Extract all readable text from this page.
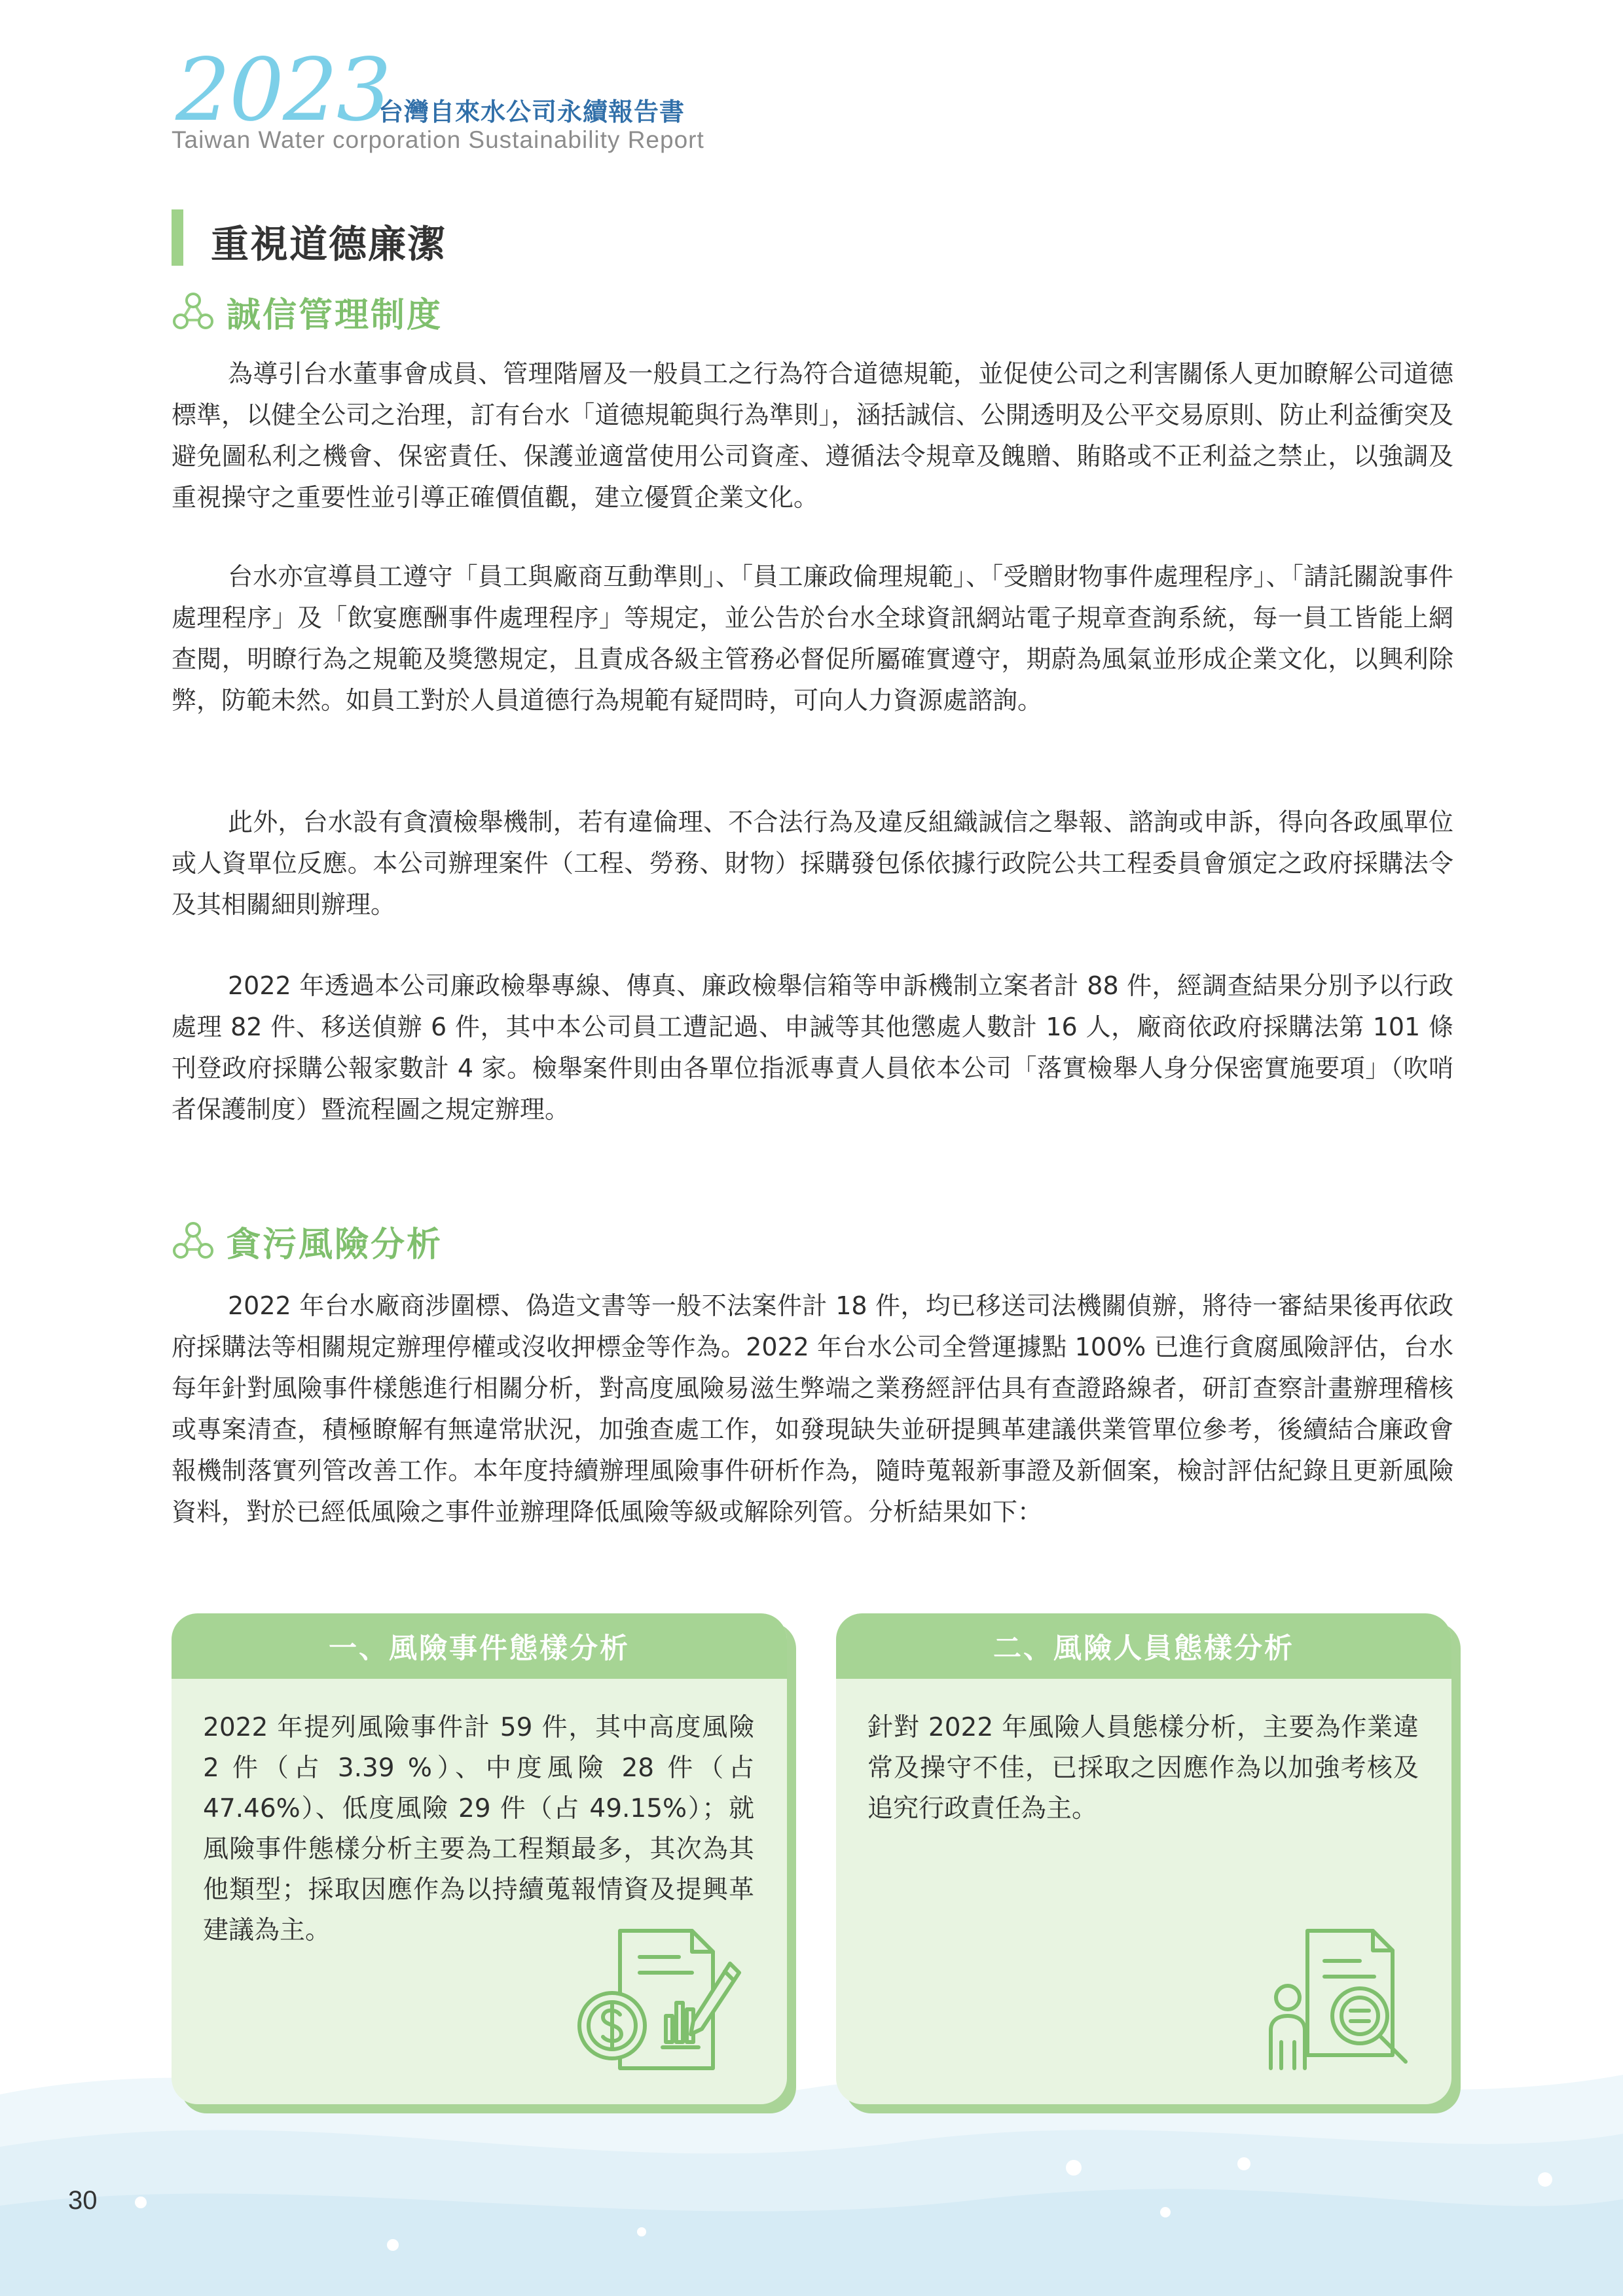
2023
台灣自來水公司永續報告書
Taiwan Water corporation Sustainability Report
重視道德廉潔
誠信管理制度

為導引台水董事會成員、管理階層及一般員工之行為符合道德規範，並促使公司之利害關係人更加瞭解公司道德標準，以健全公司之治理，訂有台水「道德規範與行為準則」，涵括誠信、公開透明及公平交易原則、防止利益衝突及避免圖私利之機會、保密責任、保護並適當使用公司資產、遵循法令規章及餽贈、賄賂或不正利益之禁止，以強調及重視操守之重要性並引導正確價值觀，建立優質企業文化。

台水亦宣導員工遵守「員工與廠商互動準則」、「員工廉政倫理規範」、「受贈財物事件處理程序」、「請託關說事件處理程序」及「飲宴應酬事件處理程序」等規定，並公告於台水全球資訊網站電子規章查詢系統，每一員工皆能上網查閱，明瞭行為之規範及獎懲規定，且責成各級主管務必督促所屬確實遵守，期蔚為風氣並形成企業文化，以興利除弊，防範未然。如員工對於人員道德行為規範有疑問時，可向人力資源處諮詢。

此外，台水設有貪瀆檢舉機制，若有違倫理、不合法行為及違反組織誠信之舉報、諮詢或申訴，得向各政風單位或人資單位反應。本公司辦理案件（工程、勞務、財物）採購發包係依據行政院公共工程委員會頒定之政府採購法令及其相關細則辦理。

2022 年透過本公司廉政檢舉專線、傳真、廉政檢舉信箱等申訴機制立案者計 88 件，經調查結果分別予以行政處理 82 件、移送偵辦 6 件，其中本公司員工遭記過、申誡等其他懲處人數計 16 人，廠商依政府採購法第 101 條刊登政府採購公報家數計 4 家。檢舉案件則由各單位指派專責人員依本公司「落實檢舉人身分保密實施要項」（吹哨者保護制度）暨流程圖之規定辦理。

貪污風險分析

2022 年台水廠商涉圍標、偽造文書等一般不法案件計 18 件，均已移送司法機關偵辦，將待一審結果後再依政府採購法等相關規定辦理停權或沒收押標金等作為。2022 年台水公司全營運據點 100% 已進行貪腐風險評估，台水每年針對風險事件樣態進行相關分析，對高度風險易滋生弊端之業務經評估具有查證路線者，研訂查察計畫辦理稽核或專案清查，積極瞭解有無違常狀況，加強查處工作，如發現缺失並研提興革建議供業管單位參考，後續結合廉政會報機制落實列管改善工作。本年度持續辦理風險事件研析作為，隨時蒐報新事證及新個案，檢討評估紀錄且更新風險資料，對於已經低風險之事件並辦理降低風險等級或解除列管。分析結果如下：

一、風險事件態樣分析
2022 年提列風險事件計 59 件，其中高度風險 2 件（占 3.39 %）、中度風險 28 件（占 47.46%）、低度風險 29 件（占 49.15%）；就風險事件態樣分析主要為工程類最多，其次為其他類型；採取因應作為以持續蒐報情資及提興革建議為主。
二、風險人員態樣分析
針對 2022 年風險人員態樣分析，主要為作業違常及操守不佳，已採取之因應作為以加強考核及追究行政責任為主。
30
